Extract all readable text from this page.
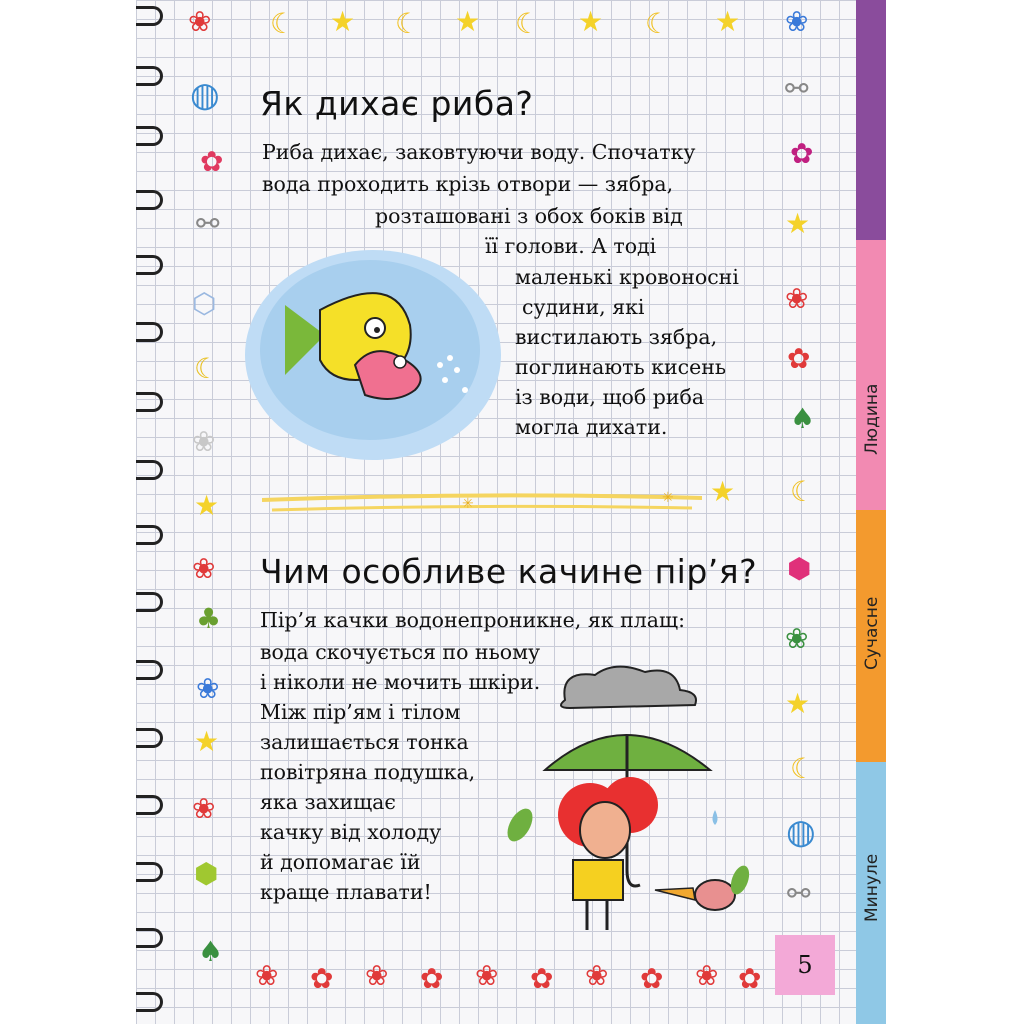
Людина
Сучасне
Минуле
❀ ☾ ★ ☾ ★ ☾ ★ ☾ ★ ❀
◍
✿
⚯
⬡
☾
❀
★
❀
♣
❀
★
❀
⬢
♠
⚯
✿
★
❀
✿
♠
☾
⬢
❀
★
☾
◍
⚯
❀ ✿ ❀ ✿ ❀ ✿ ❀ ✿ ❀ ✿
Як дихає риба?
Риба дихає, заковтуючи воду. Спочатку
вода проходить крізь отвори — зябра,
розташовані з обох боків від
її голови. А тоді
маленькі кровоносні
судини, які
вистилають зябра,
поглинають кисень
із води, щоб риба
могла дихати.
✳	✳ ★
Чим особливе качине пір’я?
Пір’я качки водонепроникне, як плащ:
вода скочується по ньому
і ніколи не мочить шкіри.
Між пір’ям і тілом
залишається тонка
повітряна подушка,
яка захищає
качку від холоду
й допомагає їй
краще плавати!
5
